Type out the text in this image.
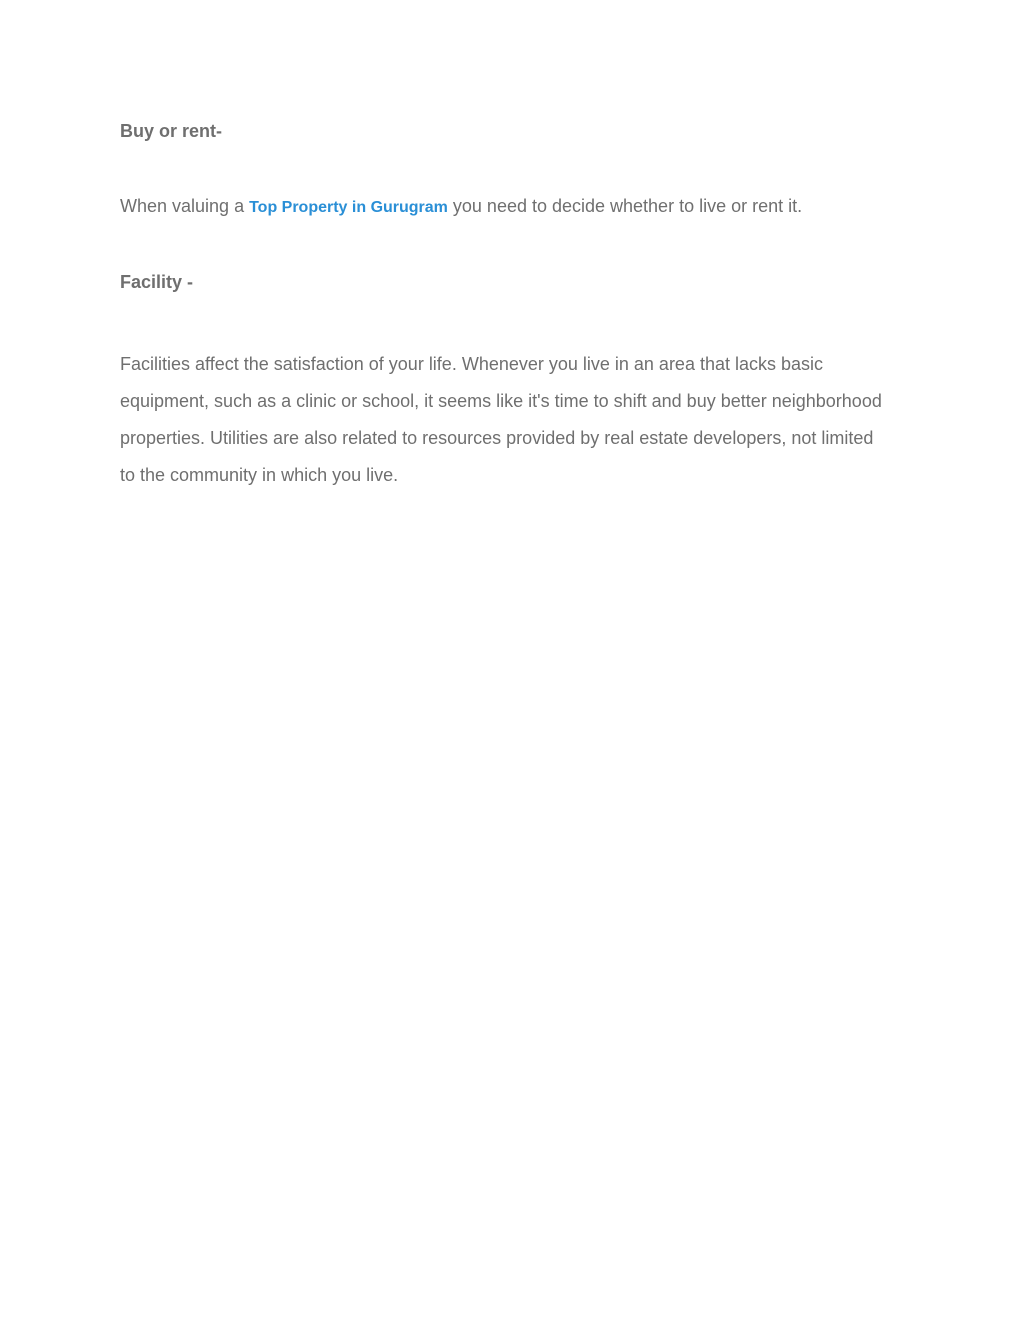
Buy or rent-

When valuing a Top Property in Gurugram you need to decide whether to live or rent it.

Facility -

Facilities affect the satisfaction of your life. Whenever you live in an area that lacks basic equipment, such as a clinic or school, it seems like it's time to shift and buy better neighborhood properties. Utilities are also related to resources provided by real estate developers, not limited to the community in which you live.
